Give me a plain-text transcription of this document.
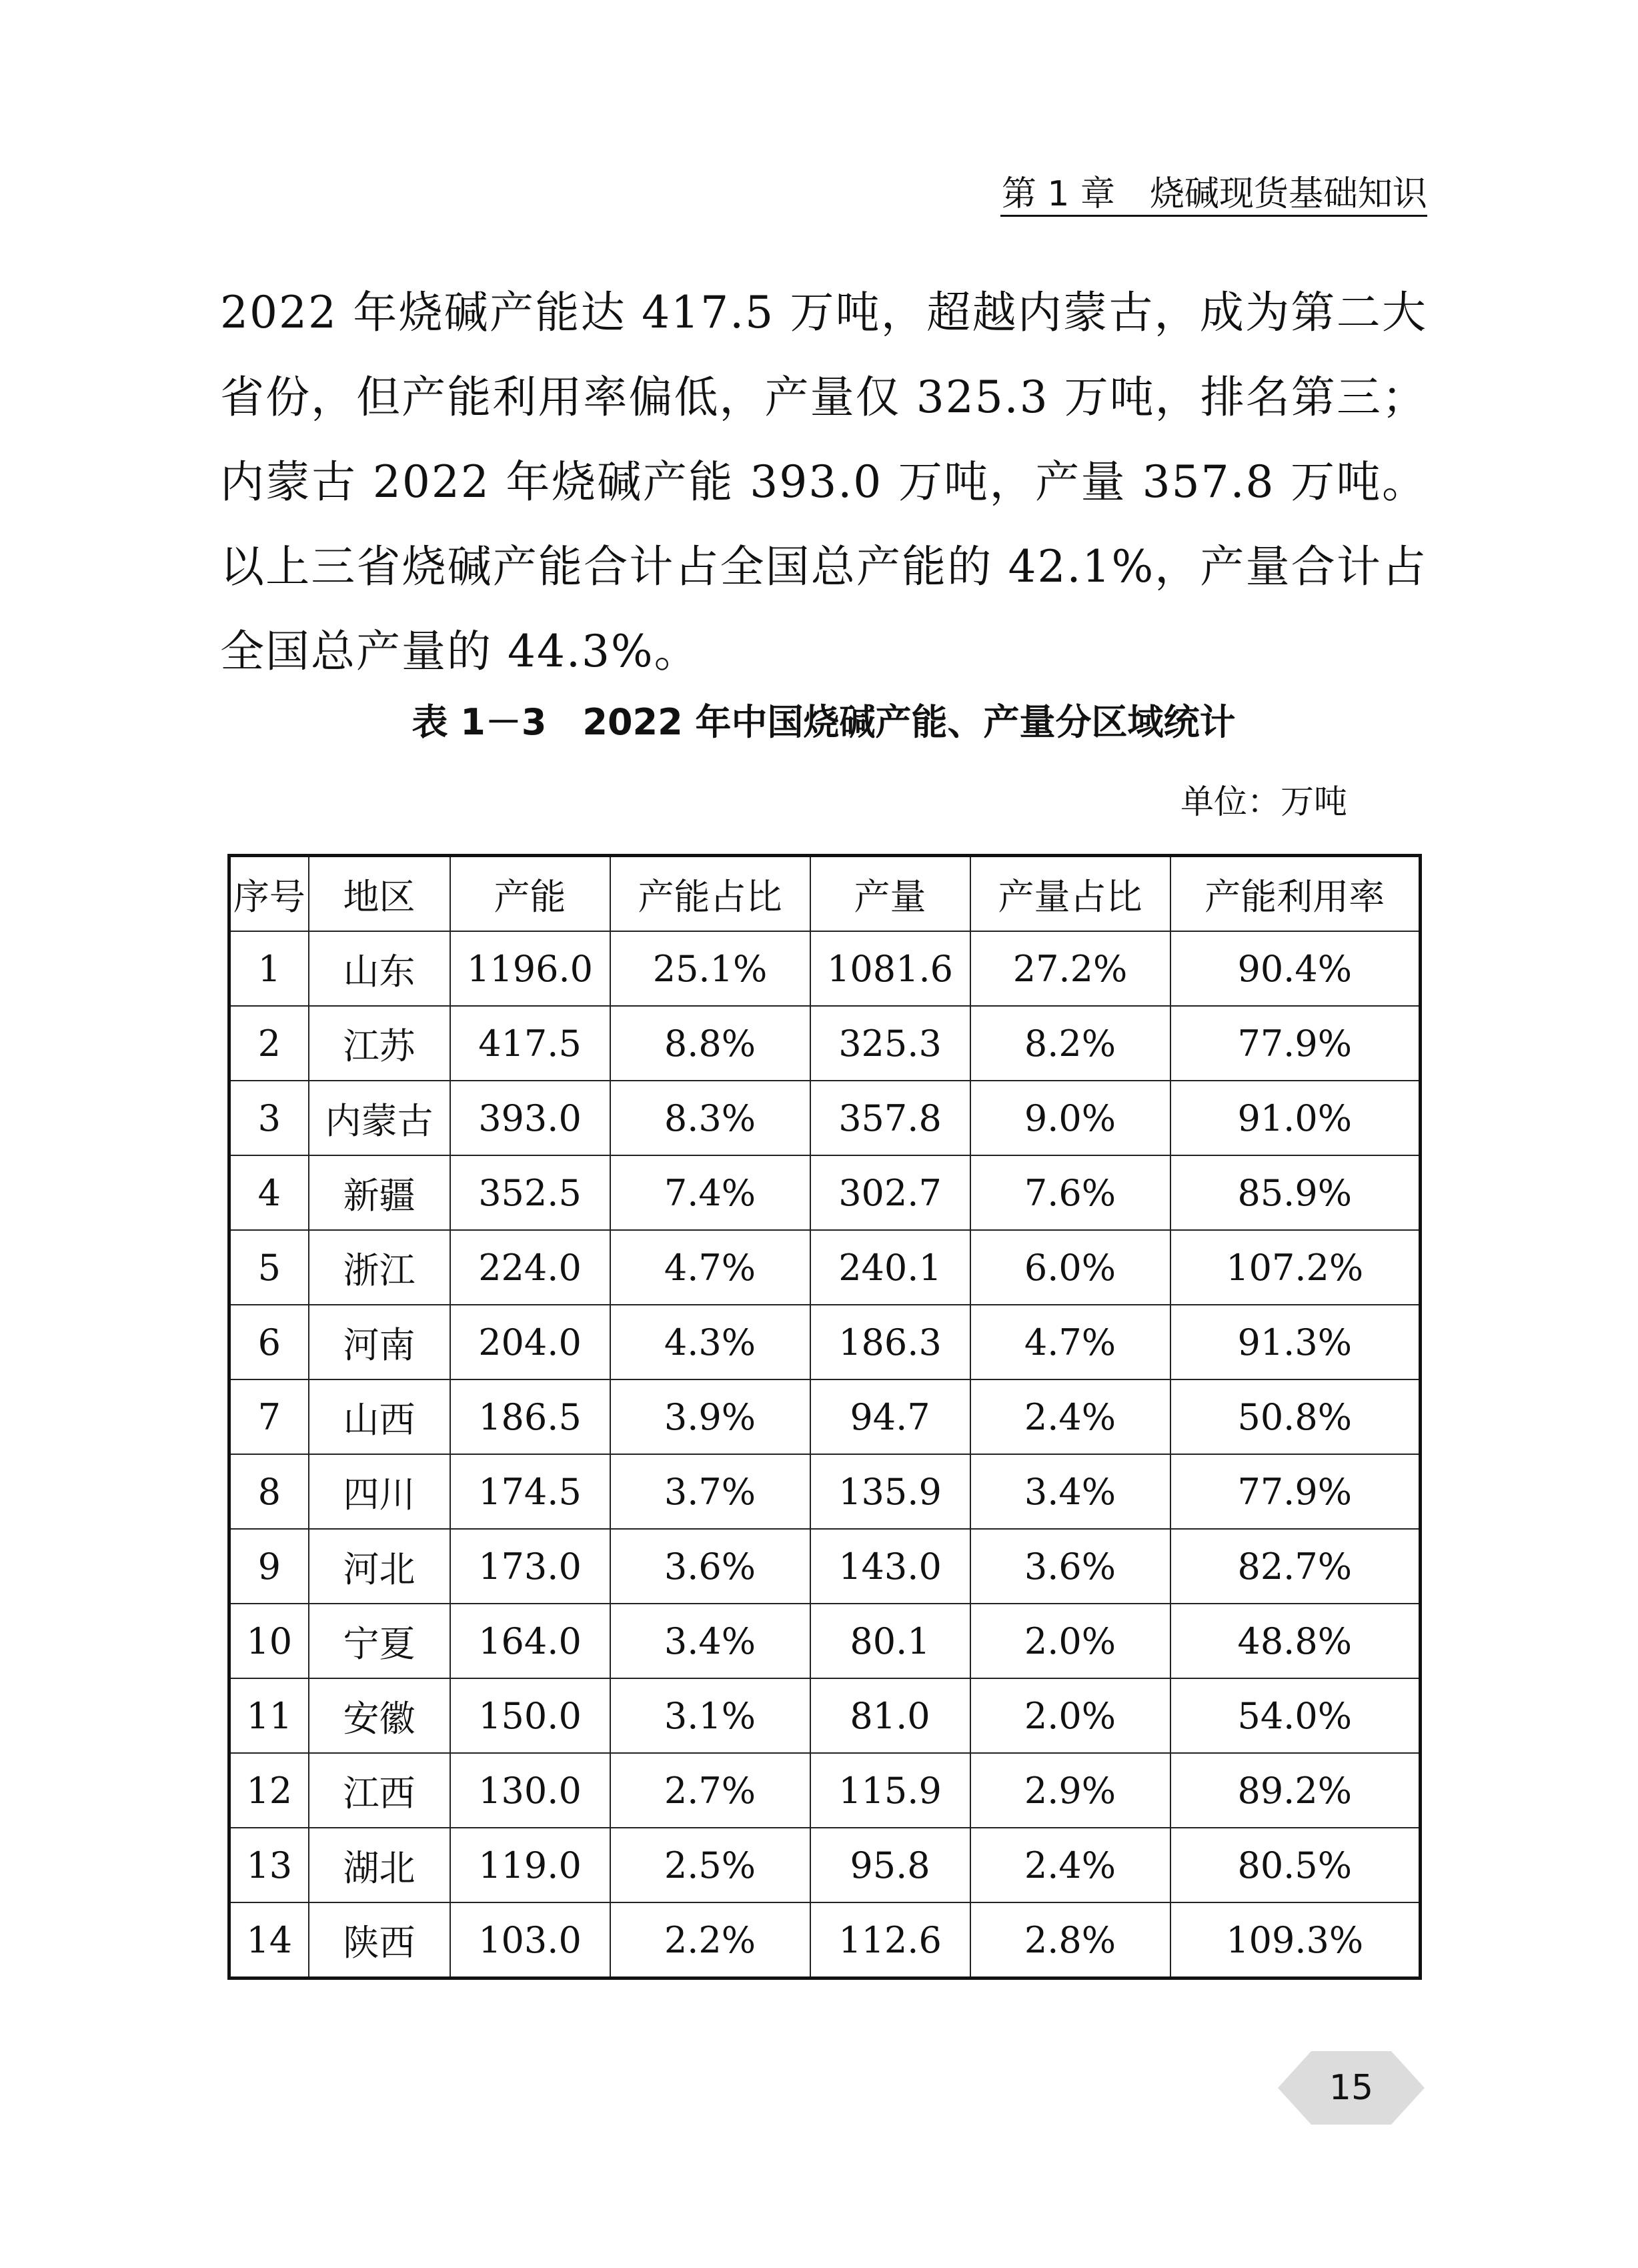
第 1 章　烧碱现货基础知识
2022 年烧碱产能达 417.5 万吨，超越内蒙古，成为第二大省份，但产能利用率偏低，产量仅 325.3 万吨，排名第三；内蒙古 2022 年烧碱产能 393.0 万吨，产量 357.8 万吨。以上三省烧碱产能合计占全国总产能的 42.1%，产量合计占全国总产量的 44.3%。
表 1－3　2022 年中国烧碱产能、产量分区域统计
单位：万吨
序号	地区	产能	产能占比	产量	产量占比	产能利用率
1	山东	1196.0	25.1%	1081.6	27.2%	90.4%
2	江苏	417.5	8.8%	325.3	8.2%	77.9%
3	内蒙古	393.0	8.3%	357.8	9.0%	91.0%
4	新疆	352.5	7.4%	302.7	7.6%	85.9%
5	浙江	224.0	4.7%	240.1	6.0%	107.2%
6	河南	204.0	4.3%	186.3	4.7%	91.3%
7	山西	186.5	3.9%	94.7	2.4%	50.8%
8	四川	174.5	3.7%	135.9	3.4%	77.9%
9	河北	173.0	3.6%	143.0	3.6%	82.7%
10	宁夏	164.0	3.4%	80.1	2.0%	48.8%
11	安徽	150.0	3.1%	81.0	2.0%	54.0%
12	江西	130.0	2.7%	115.9	2.9%	89.2%
13	湖北	119.0	2.5%	95.8	2.4%	80.5%
14	陕西	103.0	2.2%	112.6	2.8%	109.3%
15
